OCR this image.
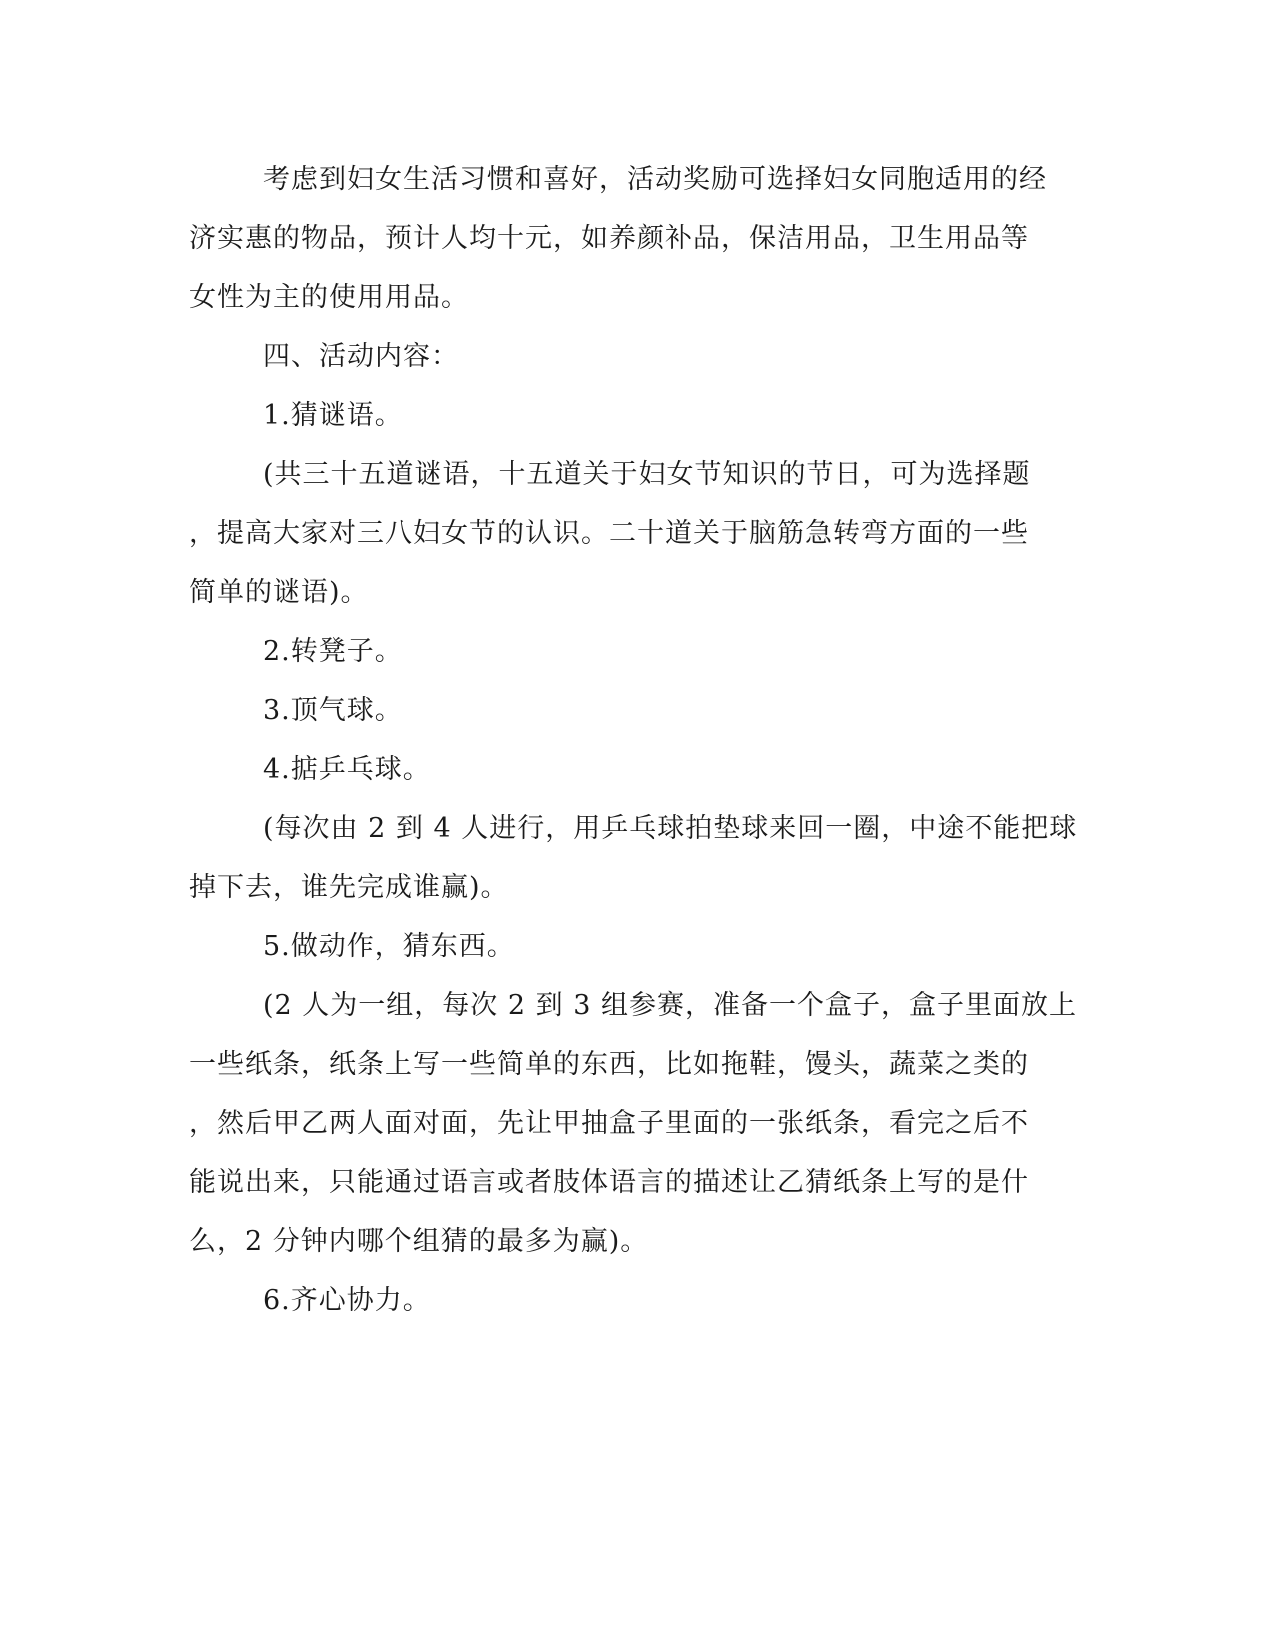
考虑到妇女生活习惯和喜好，活动奖励可选择妇女同胞适用的经
济实惠的物品，预计人均十元，如养颜补品，保洁用品，卫生用品等
女性为主的使用用品。
四、活动内容：
1.猜谜语。
(共三十五道谜语，十五道关于妇女节知识的节日，可为选择题
，提高大家对三八妇女节的认识。二十道关于脑筋急转弯方面的一些
简单的谜语)。
2.转凳子。
3.顶气球。
4.掂乒乓球。
(每次由 2 到 4 人进行，用乒乓球拍垫球来回一圈，中途不能把球
掉下去，谁先完成谁赢)。
5.做动作，猜东西。
(2 人为一组，每次 2 到 3 组参赛，准备一个盒子，盒子里面放上
一些纸条，纸条上写一些简单的东西，比如拖鞋，馒头，蔬菜之类的
，然后甲乙两人面对面，先让甲抽盒子里面的一张纸条，看完之后不
能说出来，只能通过语言或者肢体语言的描述让乙猜纸条上写的是什
么，2 分钟内哪个组猜的最多为赢)。
6.齐心协力。
